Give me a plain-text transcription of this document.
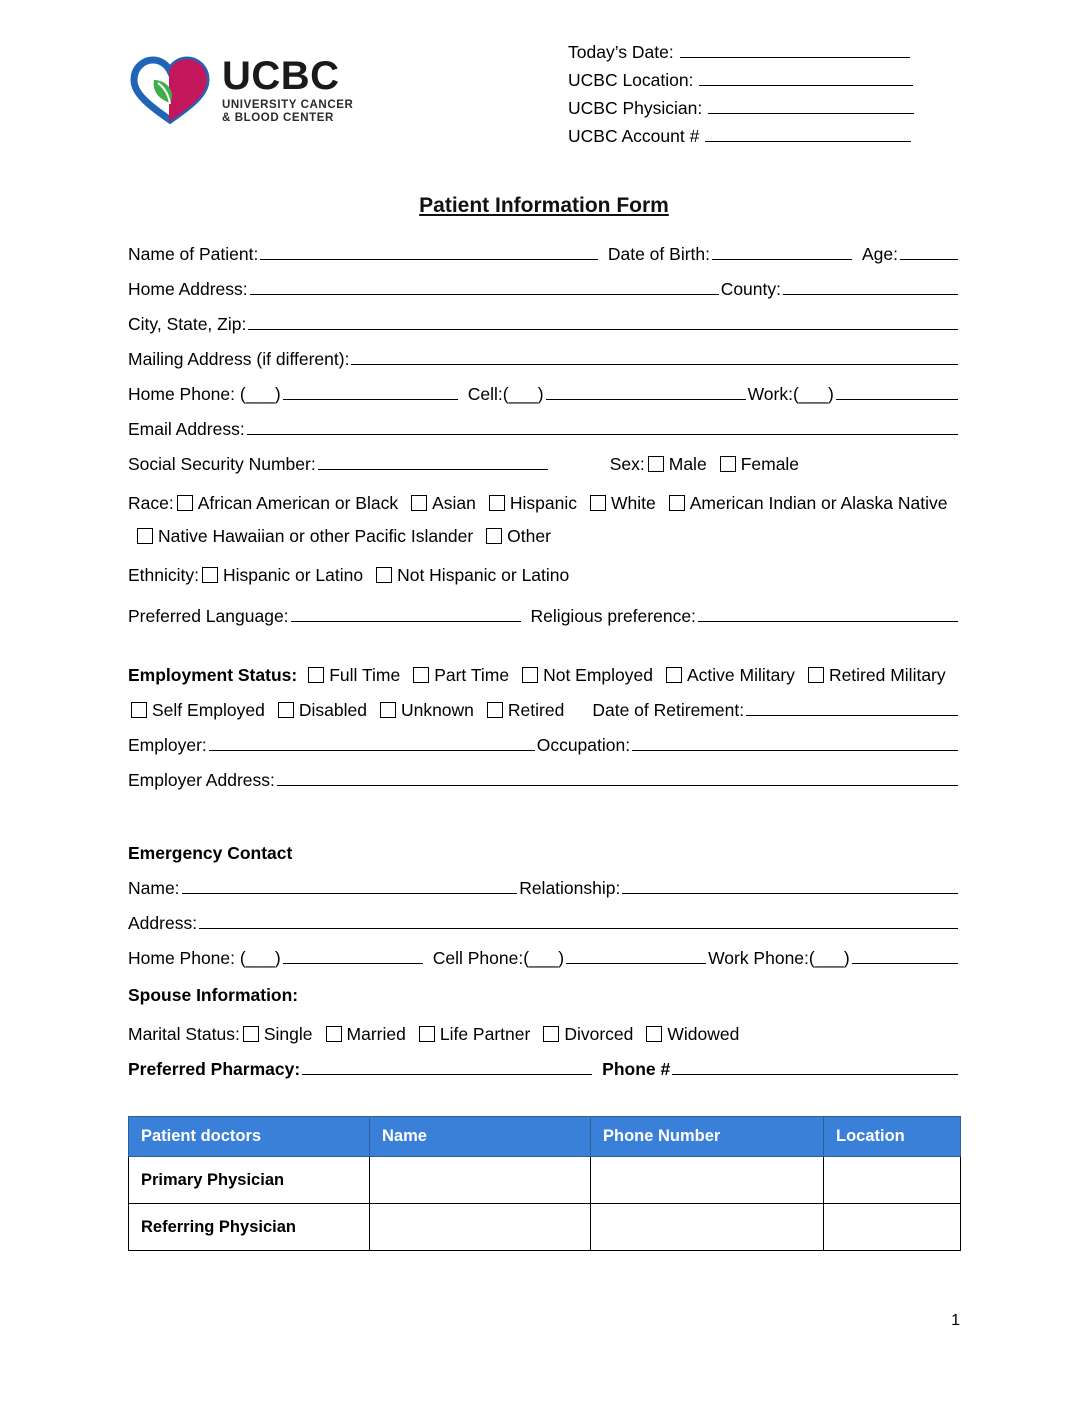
UCBC
UNIVERSITY CANCER
& BLOOD CENTER
Today’s Date:
UCBC Location:
UCBC Physician:
UCBC Account #
Patient Information Form
Name of Patient:	Date of Birth:	Age:
Home Address:	County:
City, State, Zip:
Mailing Address (if different):
Home Phone: (___)	Cell:(___)	Work:(___)
Email Address:
Social Security Number:	Sex: Male Female
Race: African American or Black Asian Hispanic White American Indian or Alaska Native
Native Hawaiian or other Pacific Islander Other
Ethnicity: Hispanic or Latino Not Hispanic or Latino
Preferred Language:	Religious preference:
Employment Status: Full Time Part Time Not Employed Active Military Retired Military
Self Employed Disabled Unknown Retired Date of Retirement:
Employer:	Occupation:
Employer Address:
Emergency Contact
Name:	Relationship:
Address:
Home Phone: (___)	Cell Phone:(___)	Work Phone:(___)
Spouse Information:
Marital Status: Single Married Life Partner Divorced Widowed
Preferred Pharmacy:	Phone #
Patient doctors	Name	Phone Number	Location
Primary Physician			
Referring Physician			
1
